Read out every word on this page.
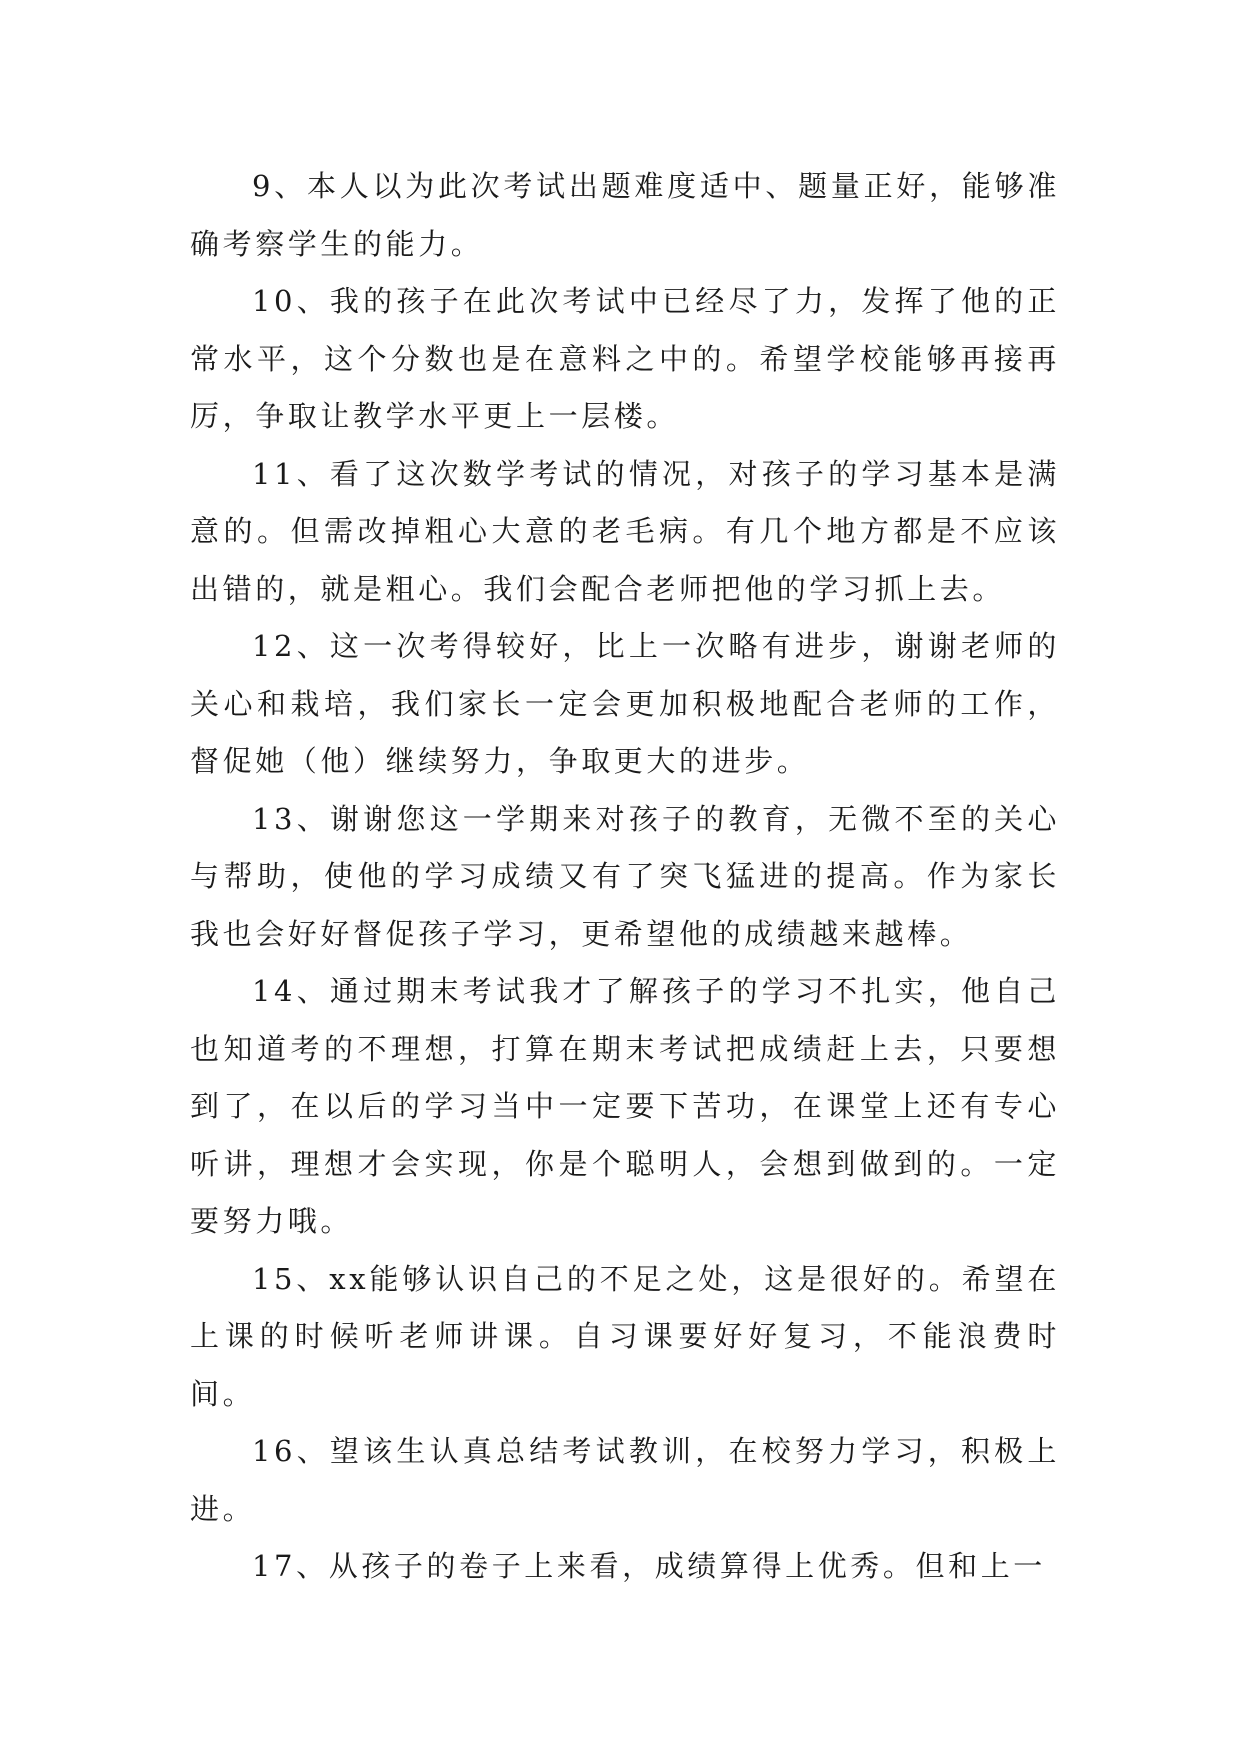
9、本人以为此次考试出题难度适中、题量正好，能够准确考察学生的能力。

10、我的孩子在此次考试中已经尽了力，发挥了他的正常水平，这个分数也是在意料之中的。希望学校能够再接再厉，争取让教学水平更上一层楼。

11、看了这次数学考试的情况，对孩子的学习基本是满意的。但需改掉粗心大意的老毛病。有几个地方都是不应该出错的，就是粗心。我们会配合老师把他的学习抓上去。

12、这一次考得较好，比上一次略有进步，谢谢老师的关心和栽培，我们家长一定会更加积极地配合老师的工作，督促她（他）继续努力，争取更大的进步。

13、谢谢您这一学期来对孩子的教育，无微不至的关心与帮助，使他的学习成绩又有了突飞猛进的提高。作为家长我也会好好督促孩子学习，更希望他的成绩越来越棒。

14、通过期末考试我才了解孩子的学习不扎实，他自己也知道考的不理想，打算在期末考试把成绩赶上去，只要想到了，在以后的学习当中一定要下苦功，在课堂上还有专心听讲，理想才会实现，你是个聪明人，会想到做到的。一定要努力哦。

15、xx能够认识自己的不足之处，这是很好的。希望在上课的时候听老师讲课。自习课要好好复习，不能浪费时间。

16、望该生认真总结考试教训，在校努力学习，积极上进。

17、从孩子的卷子上来看，成绩算得上优秀。但和上一
